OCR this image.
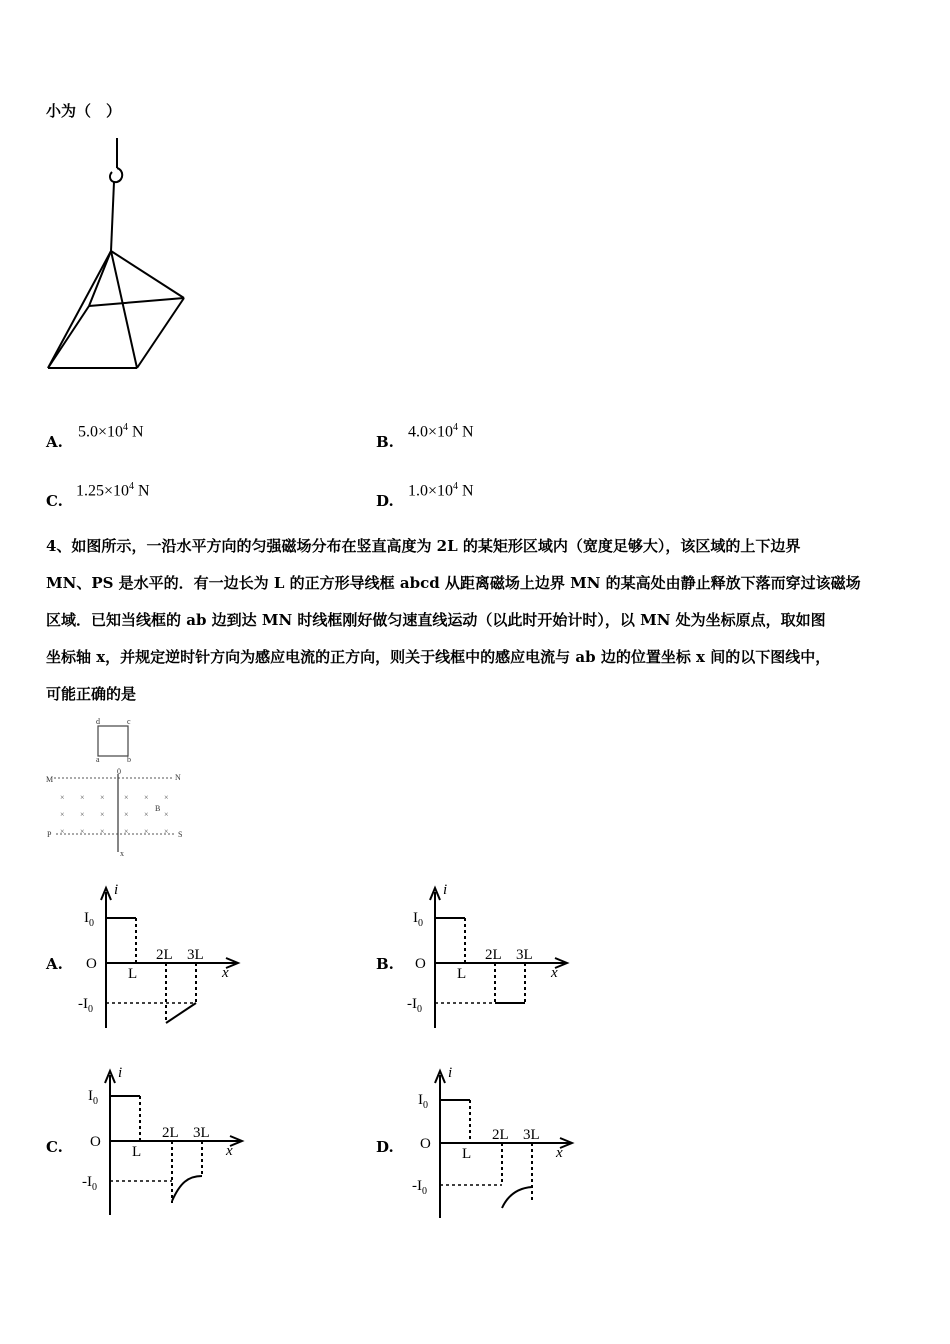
小为（　）
A.
$5.0\times 10^4$ N
B.
$4.0\times 10^4$ N
C.
$1.25\times 10^4$ N
D.
$1.0\times 10^4$ N
4、如图所示，一沿水平方向的匀强磁场分布在竖直高度为 2L 的某矩形区域内（宽度足够大），该区域的上下边界
MN、PS 是水平的．有一边长为 L 的正方形导线框 abcd 从距离磁场上边界 MN 的某高处由静止释放下落而穿过该磁场
区域．已知当线框的 ab 边到达 MN 时线框刚好做匀速直线运动（以此时开始计时），以 MN 处为坐标原点，取如图
坐标轴 x，并规定逆时针方向为感应电流的正方向，则关于线框中的感应电流与 ab 边的位置坐标 x 间的以下图线中，
可能正确的是
d	c
a	b
0
M	N
P	S
B
x
× × × × × ×
× × × × × ×
× × × × × ×
A.
i
$I_0$
O
L
2L 3L
x
$-I_0$
B.
i
$I_0$
O
L
2L 3L
x
$-I_0$
C.
i
$I_0$
O
L
2L 3L
x
$-I_0$
D.
i
$I_0$
O
L
2L 3L
x
$-I_0$
